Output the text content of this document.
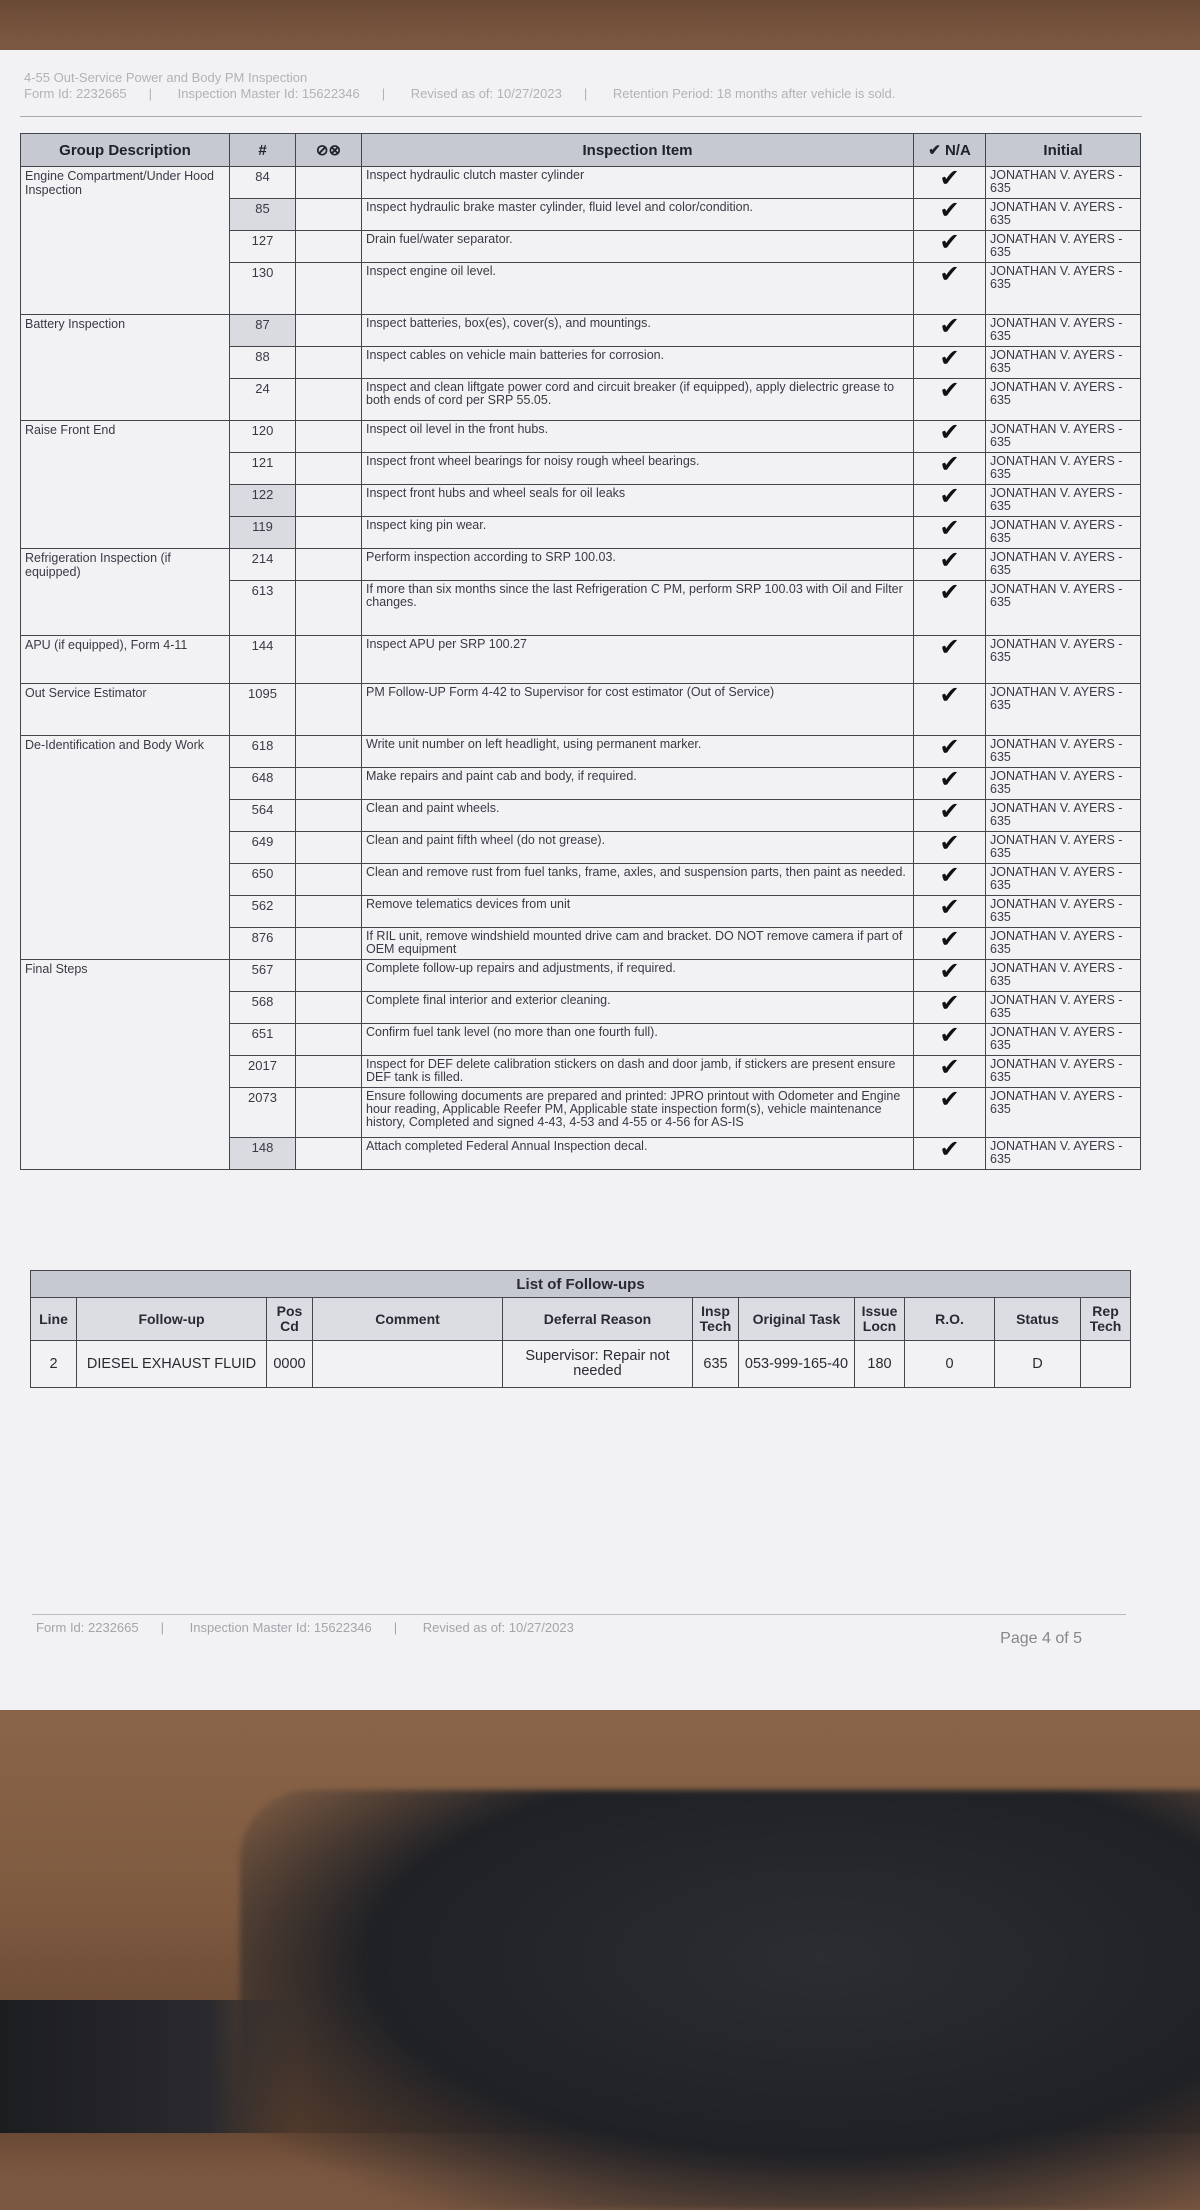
4-55 Out-Service Power and Body PM Inspection
Form Id: 2232665 | Inspection Master Id: 15622346 | Revised as of: 10/27/2023 | Retention Period: 18 months after vehicle is sold.
Group Description	#	⊘⊗	Inspection Item	✔ N/A	Initial
Engine Compartment/Under Hood Inspection	84		Inspect hydraulic clutch master cylinder	✔	JONATHAN V. AYERS - 635
	85		Inspect hydraulic brake master cylinder, fluid level and color/condition.	✔	JONATHAN V. AYERS - 635
	127		Drain fuel/water separator.	✔	JONATHAN V. AYERS - 635
	130		Inspect engine oil level.	✔	JONATHAN V. AYERS - 635
Battery Inspection	87		Inspect batteries, box(es), cover(s), and mountings.	✔	JONATHAN V. AYERS - 635
	88		Inspect cables on vehicle main batteries for corrosion.	✔	JONATHAN V. AYERS - 635
	24		Inspect and clean liftgate power cord and circuit breaker (if equipped), apply dielectric grease to both ends of cord per SRP 55.05.	✔	JONATHAN V. AYERS - 635
Raise Front End	120		Inspect oil level in the front hubs.	✔	JONATHAN V. AYERS - 635
	121		Inspect front wheel bearings for noisy rough wheel bearings.	✔	JONATHAN V. AYERS - 635
	122		Inspect front hubs and wheel seals for oil leaks	✔	JONATHAN V. AYERS - 635
	119		Inspect king pin wear.	✔	JONATHAN V. AYERS - 635
Refrigeration Inspection (if equipped)	214		Perform inspection according to SRP 100.03.	✔	JONATHAN V. AYERS - 635
	613		If more than six months since the last Refrigeration C PM, perform SRP 100.03 with Oil and Filter changes.	✔	JONATHAN V. AYERS - 635
APU (if equipped), Form 4-11	144		Inspect APU per SRP 100.27	✔	JONATHAN V. AYERS - 635
Out Service Estimator	1095		PM Follow-UP Form 4-42 to Supervisor for cost estimator (Out of Service)	✔	JONATHAN V. AYERS - 635
De-Identification and Body Work	618		Write unit number on left headlight, using permanent marker.	✔	JONATHAN V. AYERS - 635
	648		Make repairs and paint cab and body, if required.	✔	JONATHAN V. AYERS - 635
	564		Clean and paint wheels.	✔	JONATHAN V. AYERS - 635
	649		Clean and paint fifth wheel (do not grease).	✔	JONATHAN V. AYERS - 635
	650		Clean and remove rust from fuel tanks, frame, axles, and suspension parts, then paint as needed.	✔	JONATHAN V. AYERS - 635
	562		Remove telematics devices from unit	✔	JONATHAN V. AYERS - 635
	876		If RIL unit, remove windshield mounted drive cam and bracket. DO NOT remove camera if part of OEM equipment	✔	JONATHAN V. AYERS - 635
Final Steps	567		Complete follow-up repairs and adjustments, if required.	✔	JONATHAN V. AYERS - 635
	568		Complete final interior and exterior cleaning.	✔	JONATHAN V. AYERS - 635
	651		Confirm fuel tank level (no more than one fourth full).	✔	JONATHAN V. AYERS - 635
	2017		Inspect for DEF delete calibration stickers on dash and door jamb, if stickers are present ensure DEF tank is filled.	✔	JONATHAN V. AYERS - 635
	2073		Ensure following documents are prepared and printed: JPRO printout with Odometer and Engine hour reading, Applicable Reefer PM, Applicable state inspection form(s), vehicle maintenance history, Completed and signed 4-43, 4-53 and 4-55 or 4-56 for AS-IS	✔	JONATHAN V. AYERS - 635
	148		Attach completed Federal Annual Inspection decal.	✔	JONATHAN V. AYERS - 635
List of Follow-ups										
Line	Follow-up	Pos Cd	Comment	Deferral Reason	Insp Tech	Original Task	Issue Locn	R.O.	Status	Rep Tech
2	DIESEL EXHAUST FLUID	0000		Supervisor: Repair not needed	635	053-999-165-40	180	0	D	
Form Id: 2232665 | Inspection Master Id: 15622346 | Revised as of: 10/27/2023
Page 4 of 5
